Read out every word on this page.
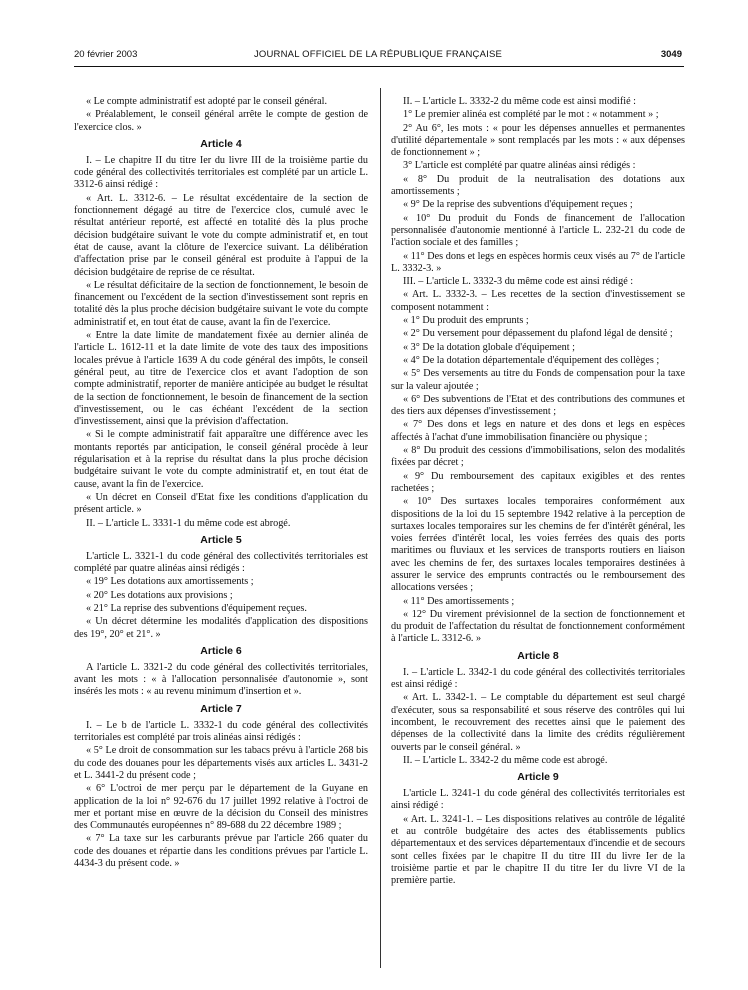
20 février 2003	JOURNAL OFFICIEL DE LA RÉPUBLIQUE FRANÇAISE	3049
« Le compte administratif est adopté par le conseil général.
« Préalablement, le conseil général arrête le compte de gestion de l'exercice clos. »
Article 4
I. – Le chapitre II du titre Ier du livre III de la troisième partie du code général des collectivités territoriales est complété par un article L. 3312-6 ainsi rédigé :
« Art. L. 3312-6. – Le résultat excédentaire de la section de fonctionnement dégagé au titre de l'exercice clos, cumulé avec le résultat antérieur reporté, est affecté en totalité dès la plus proche décision budgétaire suivant le vote du compte administratif et, en tout état de cause, avant la clôture de l'exercice suivant. La délibération d'affectation prise par le conseil général est produite à l'appui de la décision budgétaire de reprise de ce résultat.
« Le résultat déficitaire de la section de fonctionnement, le besoin de financement ou l'excédent de la section d'investissement sont repris en totalité dès la plus proche décision budgétaire suivant le vote du compte administratif et, en tout état de cause, avant la fin de l'exercice.
« Entre la date limite de mandatement fixée au dernier alinéa de l'article L. 1612-11 et la date limite de vote des taux des impositions locales prévue à l'article 1639 A du code général des impôts, le conseil général peut, au titre de l'exercice clos et avant l'adoption de son compte administratif, reporter de manière anticipée au budget le résultat de la section de fonctionnement, le besoin de financement de la section d'investissement, ou le cas échéant l'excédent de la section d'investissement, ainsi que la prévision d'affectation.
« Si le compte administratif fait apparaître une différence avec les montants reportés par anticipation, le conseil général procède à leur régularisation et à la reprise du résultat dans la plus proche décision budgétaire suivant le vote du compte administratif et, en tout état de cause, avant la fin de l'exercice.
« Un décret en Conseil d'Etat fixe les conditions d'application du présent article. »
II. – L'article L. 3331-1 du même code est abrogé.
Article 5
L'article L. 3321-1 du code général des collectivités territoriales est complété par quatre alinéas ainsi rédigés :
« 19° Les dotations aux amortissements ;
« 20° Les dotations aux provisions ;
« 21° La reprise des subventions d'équipement reçues.
« Un décret détermine les modalités d'application des dispositions des 19°, 20° et 21°. »
Article 6
A l'article L. 3321-2 du code général des collectivités territoriales, avant les mots : « à l'allocation personnalisée d'autonomie », sont insérés les mots : « au revenu minimum d'insertion et ».
Article 7
I. – Le b de l'article L. 3332-1 du code général des collectivités territoriales est complété par trois alinéas ainsi rédigés :
« 5° Le droit de consommation sur les tabacs prévu à l'article 268 bis du code des douanes pour les départements visés aux articles L. 3431-2 et L. 3441-2 du présent code ;
« 6° L'octroi de mer perçu par le département de la Guyane en application de la loi n° 92-676 du 17 juillet 1992 relative à l'octroi de mer et portant mise en œuvre de la décision du Conseil des ministres des Communautés européennes n° 89-688 du 22 décembre 1989 ;
« 7° La taxe sur les carburants prévue par l'article 266 quater du code des douanes et répartie dans les conditions prévues par l'article L. 4434-3 du présent code. »
II. – L'article L. 3332-2 du même code est ainsi modifié :
1° Le premier alinéa est complété par le mot : « notamment » ;
2° Au 6°, les mots : « pour les dépenses annuelles et permanentes d'utilité départementale » sont remplacés par les mots : « aux dépenses de fonctionnement » ;
3° L'article est complété par quatre alinéas ainsi rédigés :
« 8° Du produit de la neutralisation des dotations aux amortissements ;
« 9° De la reprise des subventions d'équipement reçues ;
« 10° Du produit du Fonds de financement de l'allocation personnalisée d'autonomie mentionné à l'article L. 232-21 du code de l'action sociale et des familles ;
« 11° Des dons et legs en espèces hormis ceux visés au 7° de l'article L. 3332-3. »
III. – L'article L. 3332-3 du même code est ainsi rédigé :
« Art. L. 3332-3. – Les recettes de la section d'investissement se composent notamment :
« 1° Du produit des emprunts ;
« 2° Du versement pour dépassement du plafond légal de densité ;
« 3° De la dotation globale d'équipement ;
« 4° De la dotation départementale d'équipement des collèges ;
« 5° Des versements au titre du Fonds de compensation pour la taxe sur la valeur ajoutée ;
« 6° Des subventions de l'Etat et des contributions des communes et des tiers aux dépenses d'investissement ;
« 7° Des dons et legs en nature et des dons et legs en espèces affectés à l'achat d'une immobilisation financière ou physique ;
« 8° Du produit des cessions d'immobilisations, selon des modalités fixées par décret ;
« 9° Du remboursement des capitaux exigibles et des rentes rachetées ;
« 10° Des surtaxes locales temporaires conformément aux dispositions de la loi du 15 septembre 1942 relative à la perception de surtaxes locales temporaires sur les chemins de fer d'intérêt général, les voies ferrées d'intérêt local, les voies ferrées des quais des ports maritimes ou fluviaux et les services de transports routiers en liaison avec les chemins de fer, des surtaxes locales temporaires destinées à assurer le service des emprunts contractés ou le remboursement des allocations versées ;
« 11° Des amortissements ;
« 12° Du virement prévisionnel de la section de fonctionnement et du produit de l'affectation du résultat de fonctionnement conformément à l'article L. 3312-6. »
Article 8
I. – L'article L. 3342-1 du code général des collectivités territoriales est ainsi rédigé :
« Art. L. 3342-1. – Le comptable du département est seul chargé d'exécuter, sous sa responsabilité et sous réserve des contrôles qui lui incombent, le recouvrement des recettes ainsi que le paiement des dépenses de la collectivité dans la limite des crédits régulièrement ouverts par le conseil général. »
II. – L'article L. 3342-2 du même code est abrogé.
Article 9
L'article L. 3241-1 du code général des collectivités territoriales est ainsi rédigé :
« Art. L. 3241-1. – Les dispositions relatives au contrôle de légalité et au contrôle budgétaire des actes des établissements publics départementaux et des services départementaux d'incendie et de secours sont celles fixées par le chapitre II du titre III du livre Ier de la troisième partie et par le chapitre II du titre Ier du livre VI de la première partie.
